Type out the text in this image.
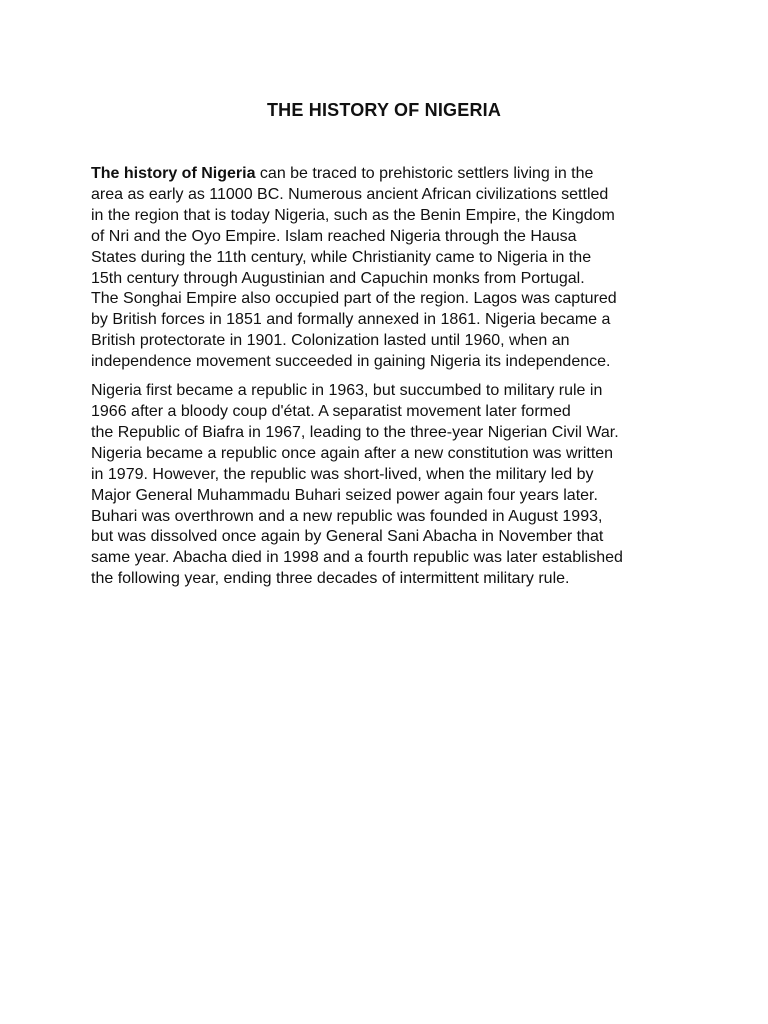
THE HISTORY OF NIGERIA

The history of Nigeria can be traced to prehistoric settlers living in the
area as early as 11000 BC. Numerous ancient African civilizations settled
in the region that is today Nigeria, such as the Benin Empire, the Kingdom
of Nri and the Oyo Empire. Islam reached Nigeria through the Hausa
States during the 11th century, while Christianity came to Nigeria in the
15th century through Augustinian and Capuchin monks from Portugal.
The Songhai Empire also occupied part of the region. Lagos was captured
by British forces in 1851 and formally annexed in 1861. Nigeria became a
British protectorate in 1901. Colonization lasted until 1960, when an
independence movement succeeded in gaining Nigeria its independence.

Nigeria first became a republic in 1963, but succumbed to military rule in
1966 after a bloody coup d'état. A separatist movement later formed
the Republic of Biafra in 1967, leading to the three-year Nigerian Civil War.
Nigeria became a republic once again after a new constitution was written
in 1979. However, the republic was short-lived, when the military led by
Major General Muhammadu Buhari seized power again four years later.
Buhari was overthrown and a new republic was founded in August 1993,
but was dissolved once again by General Sani Abacha in November that
same year. Abacha died in 1998 and a fourth republic was later established
the following year, ending three decades of intermittent military rule.
